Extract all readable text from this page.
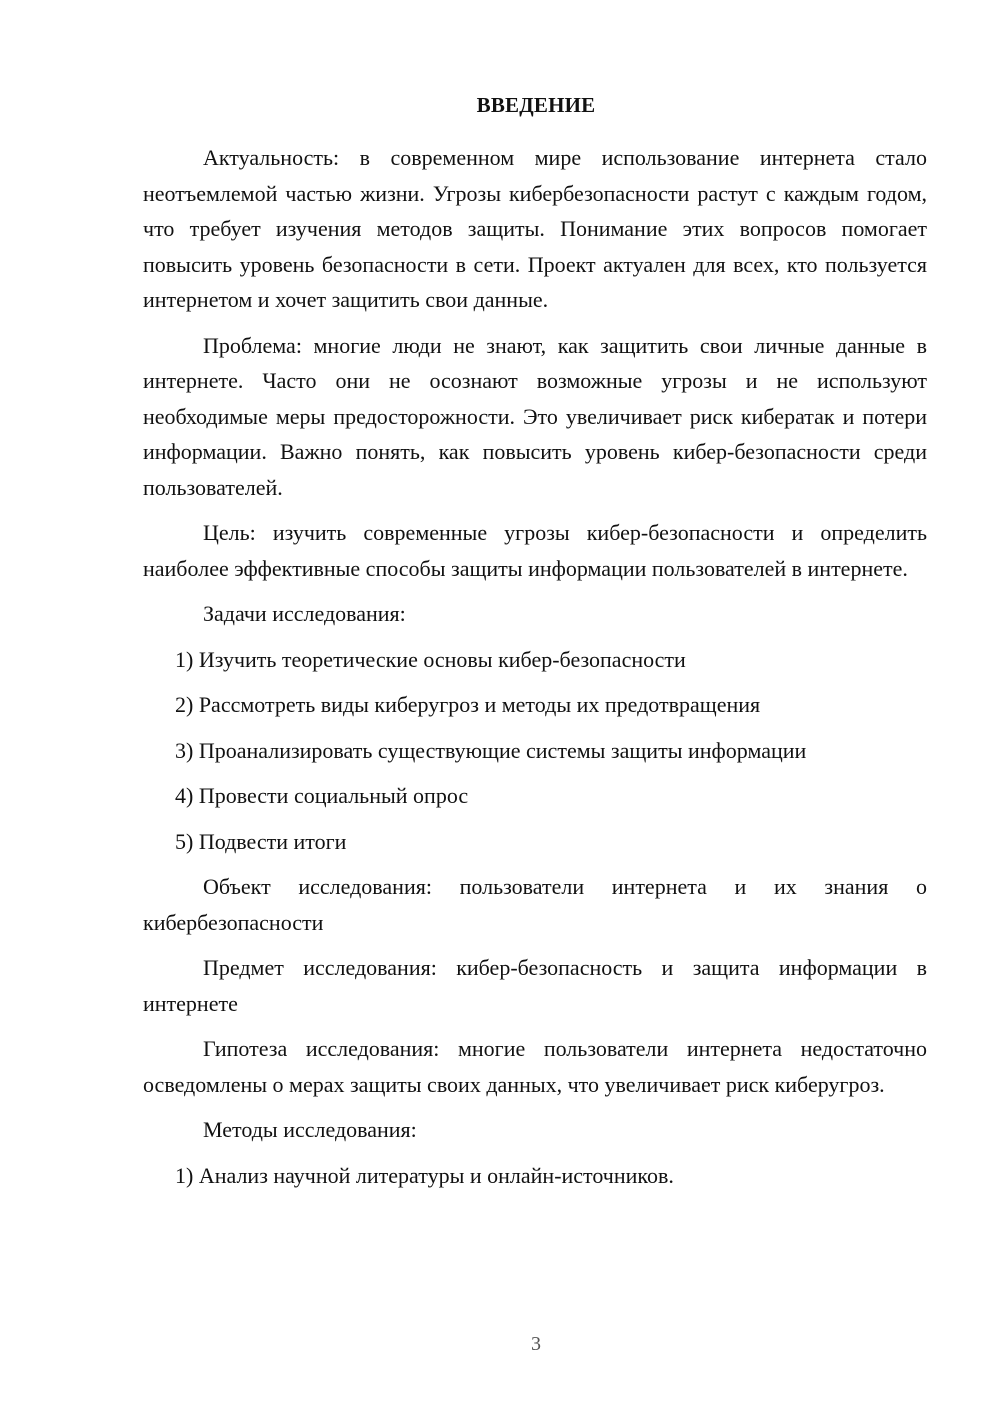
ВВЕДЕНИЕ

Актуальность: в современном мире использование интернета стало неотъемлемой частью жизни. Угрозы кибербезопасности растут с каждым годом, что требует изучения методов защиты. Понимание этих вопросов помогает повысить уровень безопасности в сети. Проект актуален для всех, кто пользуется интернетом и хочет защитить свои данные.

Проблема: многие люди не знают, как защитить свои личные данные в интернете. Часто они не осознают возможные угрозы и не используют необходимые меры предосторожности. Это увеличивает риск кибератак и потери информации. Важно понять, как повысить уровень кибер-безопасности среди пользователей.

Цель: изучить современные угрозы кибер-безопасности и определить наиболее эффективные способы защиты информации пользователей в интернете.

Задачи исследования:

1) Изучить теоретические основы кибер-безопасности
2) Рассмотреть виды киберугроз и методы их предотвращения
3) Проанализировать существующие системы защиты информации
4) Провести социальный опрос
5) Подвести итоги

Объект исследования: пользователи интернета и их знания о кибербезопасности

Предмет исследования: кибер-безопасность и защита информации в интернете

Гипотеза исследования: многие пользователи интернета недостаточно осведомлены о мерах защиты своих данных, что увеличивает риск киберугроз.

Методы исследования:

1) Анализ научной литературы и онлайн-источников.
3
